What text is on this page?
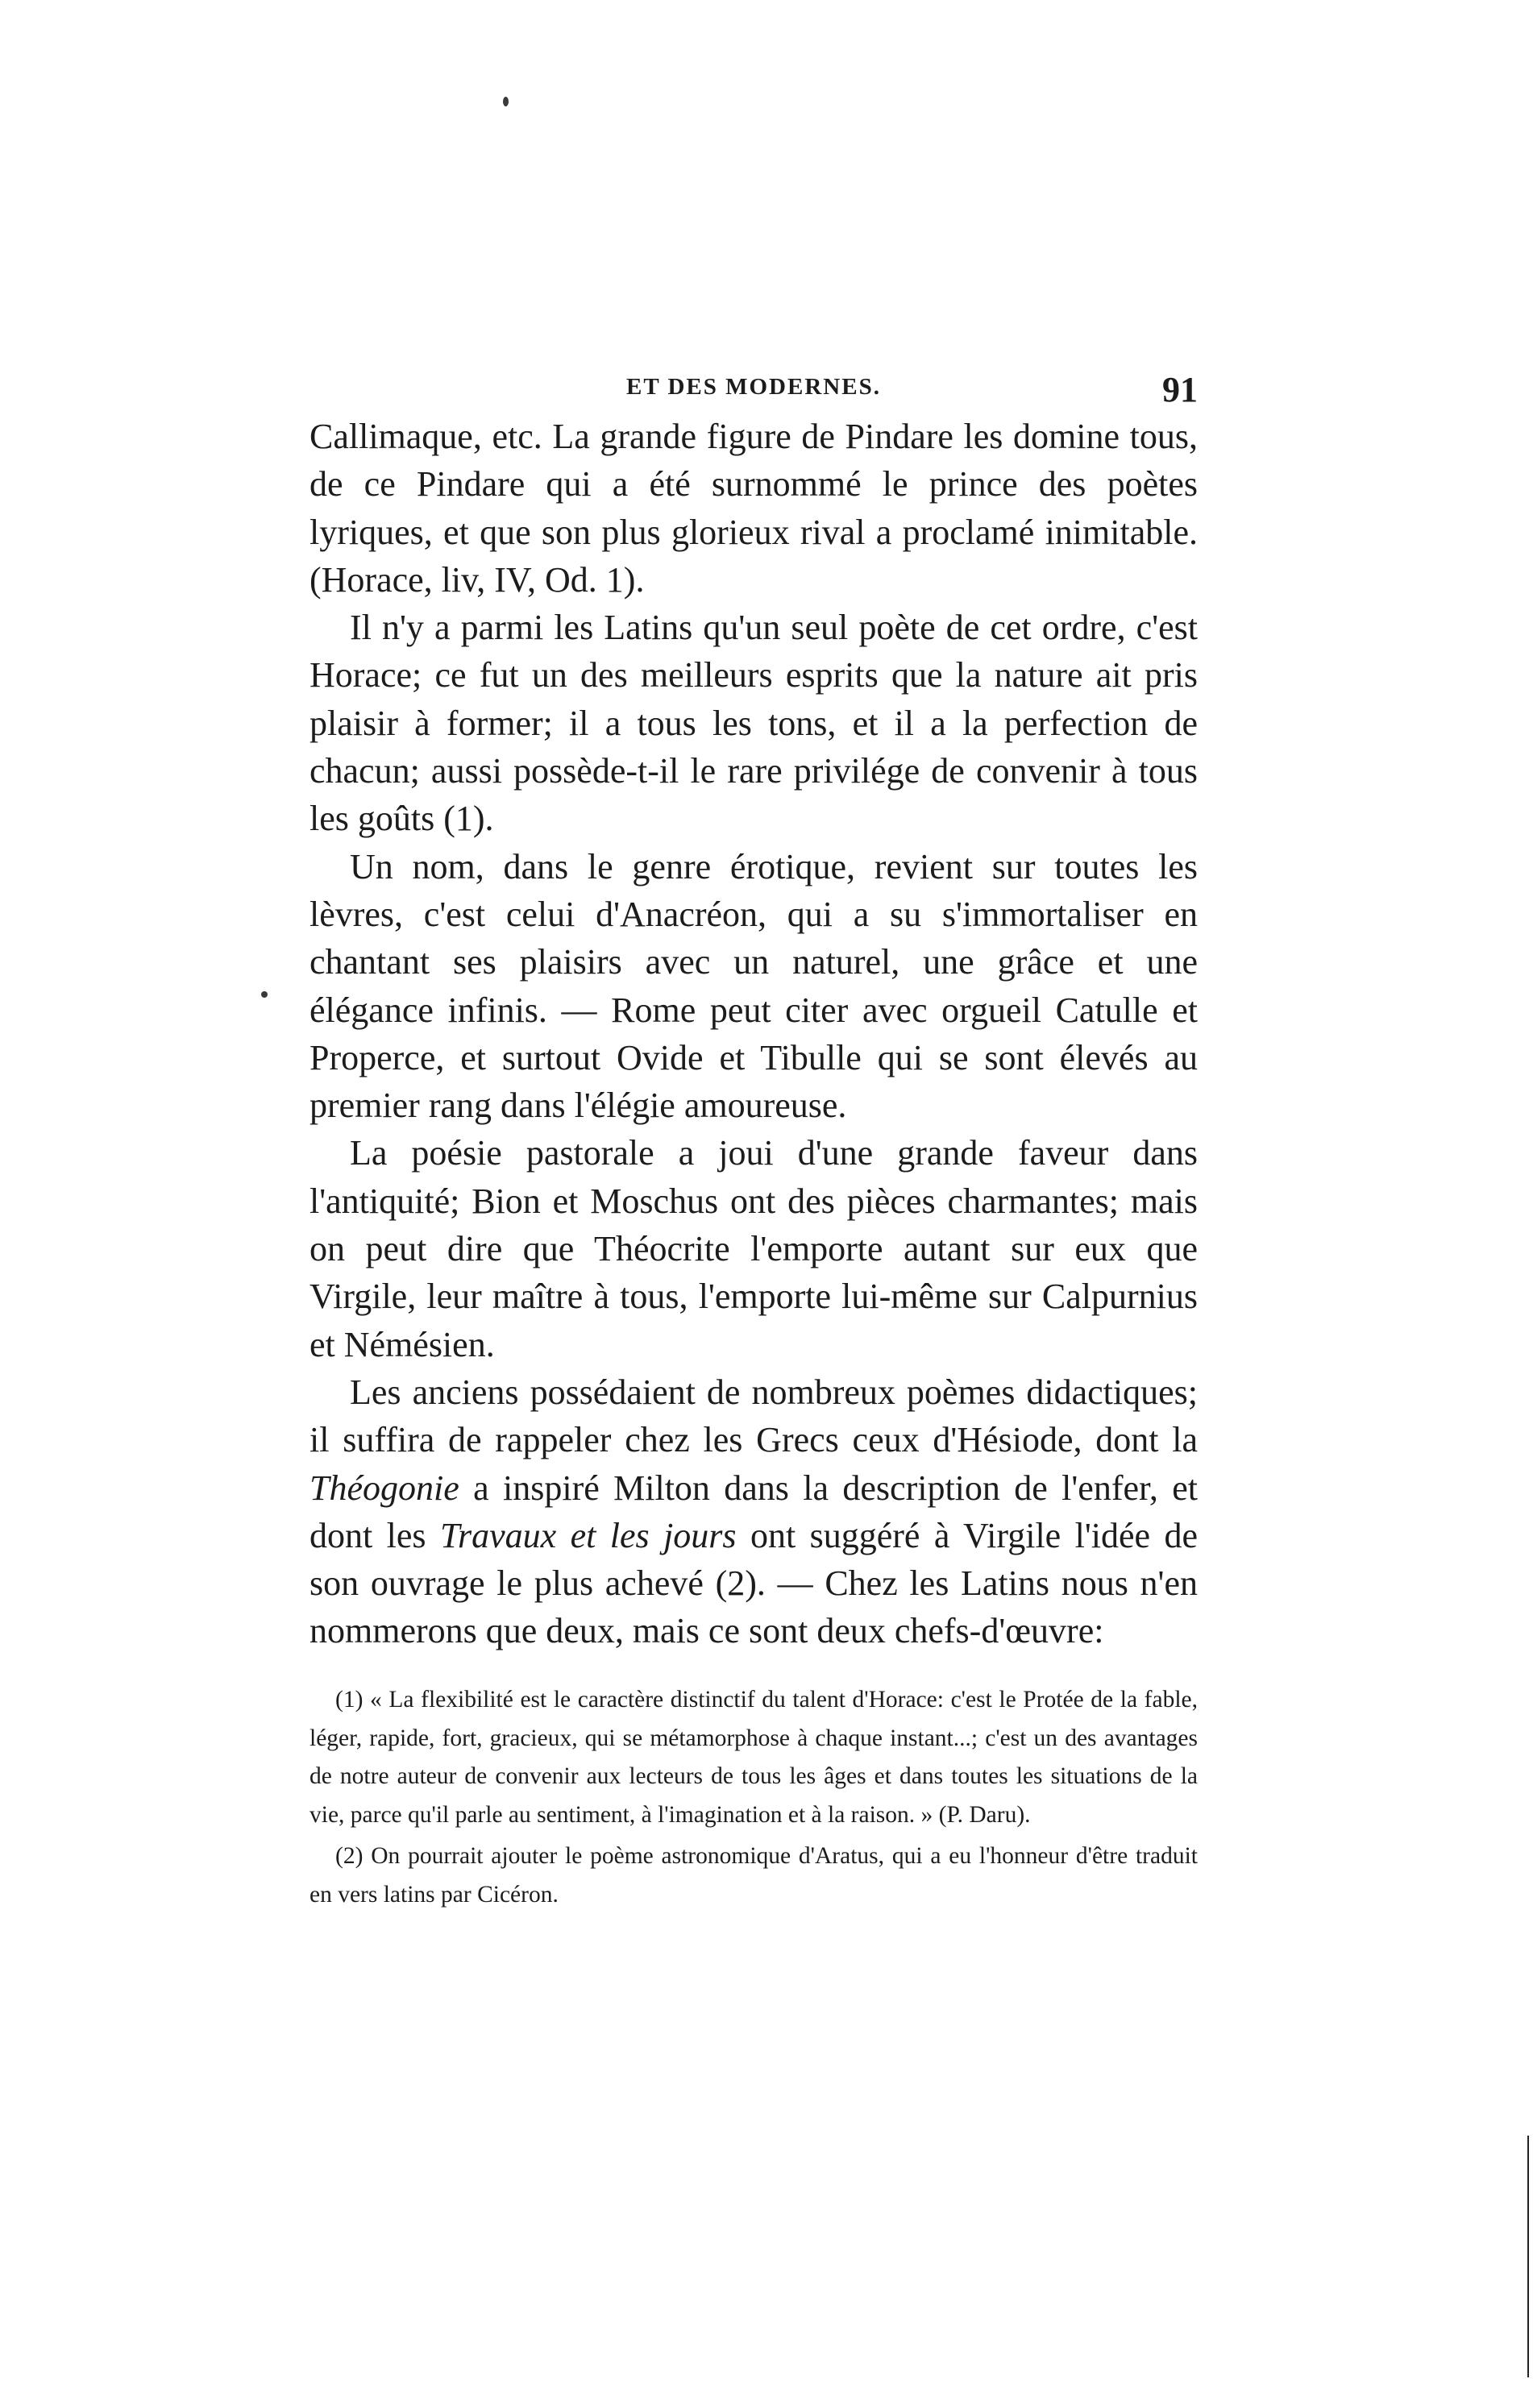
ET DES MODERNES.	91

Callimaque, etc. La grande figure de Pindare les domine tous, de ce Pindare qui a été surnommé le prince des poètes lyriques, et que son plus glorieux rival a proclamé inimitable. (Horace, liv, IV, Od. 1).

Il n'y a parmi les Latins qu'un seul poète de cet ordre, c'est Horace; ce fut un des meilleurs esprits que la nature ait pris plaisir à former; il a tous les tons, et il a la perfection de chacun; aussi possède-t-il le rare privilége de convenir à tous les goûts (1).

Un nom, dans le genre érotique, revient sur toutes les lèvres, c'est celui d'Anacréon, qui a su s'immortaliser en chantant ses plaisirs avec un naturel, une grâce et une élégance infinis. — Rome peut citer avec orgueil Catulle et Properce, et surtout Ovide et Tibulle qui se sont élevés au premier rang dans l'élégie amoureuse.

La poésie pastorale a joui d'une grande faveur dans l'antiquité; Bion et Moschus ont des pièces charmantes; mais on peut dire que Théocrite l'emporte autant sur eux que Virgile, leur maître à tous, l'emporte lui-même sur Calpurnius et Némésien.

Les anciens possédaient de nombreux poèmes didactiques; il suffira de rappeler chez les Grecs ceux d'Hésiode, dont la Théogonie a inspiré Milton dans la description de l'enfer, et dont les Travaux et les jours ont suggéré à Virgile l'idée de son ouvrage le plus achevé (2). — Chez les Latins nous n'en nommerons que deux, mais ce sont deux chefs-d'œuvre:

(1) « La flexibilité est le caractère distinctif du talent d'Horace: c'est le Protée de la fable, léger, rapide, fort, gracieux, qui se métamorphose à chaque instant...; c'est un des avantages de notre auteur de convenir aux lecteurs de tous les âges et dans toutes les situations de la vie, parce qu'il parle au sentiment, à l'imagination et à la raison. » (P. Daru).

(2) On pourrait ajouter le poème astronomique d'Aratus, qui a eu l'honneur d'être traduit en vers latins par Cicéron.
